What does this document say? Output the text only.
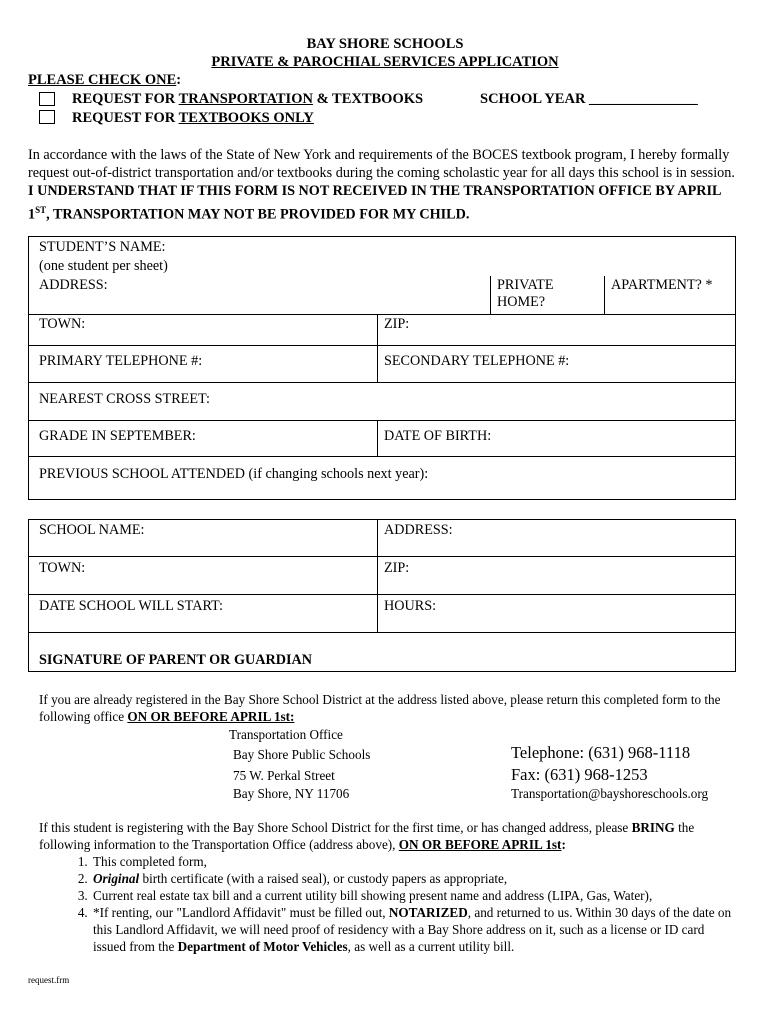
BAY SHORE SCHOOLS
PRIVATE & PAROCHIAL SERVICES APPLICATION
PLEASE CHECK ONE:
REQUEST FOR TRANSPORTATION & TEXTBOOKS	SCHOOL YEAR _______________
REQUEST FOR TEXTBOOKS ONLY
In accordance with the laws of the State of New York and requirements of the BOCES textbook program, I hereby formally request out-of-district transportation and/or textbooks during the coming scholastic year for all days this school is in session. I UNDERSTAND THAT IF THIS FORM IS NOT RECEIVED IN THE TRANSPORTATION OFFICE BY APRIL 1ST, TRANSPORTATION MAY NOT BE PROVIDED FOR MY CHILD.
STUDENT’S NAME:
(one student per sheet)
ADDRESS:	PRIVATE
HOME?
APARTMENT? *
TOWN:	ZIP:
PRIMARY TELEPHONE #:	SECONDARY TELEPHONE #:
NEAREST CROSS STREET:
GRADE IN SEPTEMBER:	DATE OF BIRTH:
PREVIOUS SCHOOL ATTENDED (if changing schools next year):
SCHOOL NAME:	ADDRESS:
TOWN:	ZIP:
DATE SCHOOL WILL START:	HOURS:
SIGNATURE OF PARENT OR GUARDIAN
If you are already registered in the Bay Shore School District at the address listed above, please return this completed form to the following office ON OR BEFORE APRIL 1st:
Transportation Office
Bay Shore Public Schools
75 W. Perkal Street
Bay Shore, NY 11706
Telephone: (631) 968-1118
Fax: (631) 968-1253
Transportation@bayshoreschools.org
If this student is registering with the Bay Shore School District for the first time, or has changed address, please BRING the following information to the Transportation Office (address above), ON OR BEFORE APRIL 1st:
1. This completed form,
2. Original birth certificate (with a raised seal), or custody papers as appropriate,
3. Current real estate tax bill and a current utility bill showing present name and address (LIPA, Gas, Water),
4. *If renting, our "Landlord Affidavit" must be filled out, NOTARIZED, and returned to us. Within 30 days of the date on this Landlord Affidavit, we will need proof of residency with a Bay Shore address on it, such as a license or ID card issued from the Department of Motor Vehicles, as well as a current utility bill.
request.frm
